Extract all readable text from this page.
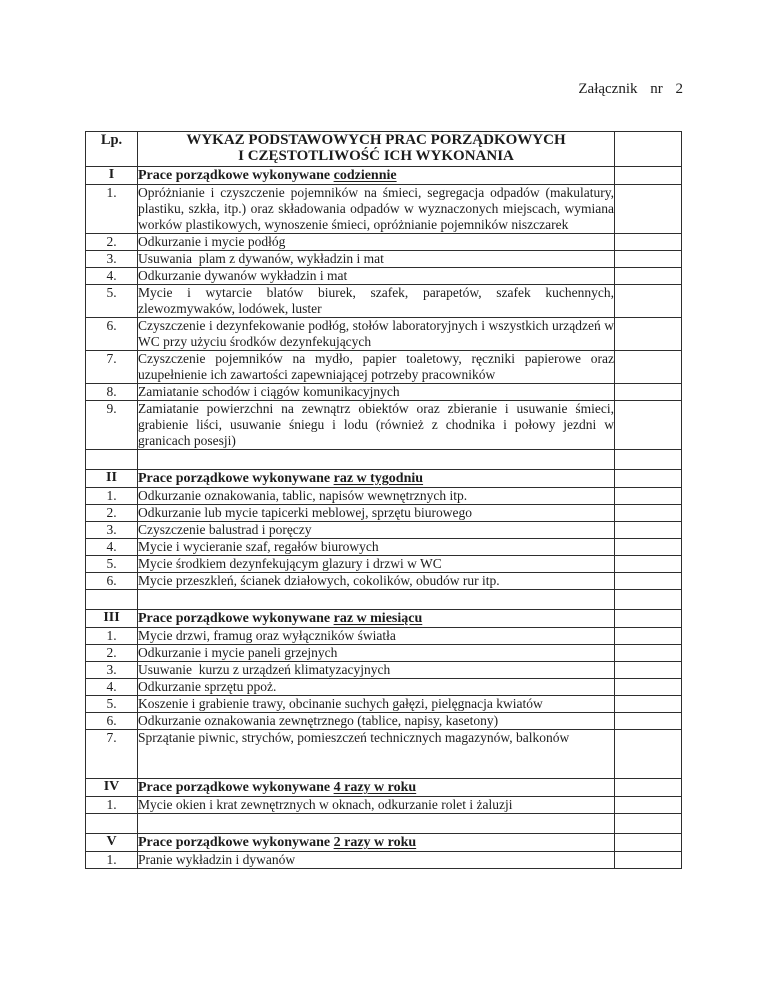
Załącznik nr 2
Lp.	WYKAZ PODSTAWOWYCH PRAC PORZĄDKOWYCH
I CZĘSTOTLIWOŚĆ ICH WYKONANIA	

I	Prace porządkowe wykonywane codziennie	
1.	Opróżnianie i czyszczenie pojemników na śmieci, segregacja odpadów (makulatury, plastiku, szkła, itp.) oraz składowania odpadów w wyznaczonych miejscach, wymiana worków plastikowych, wynoszenie śmieci, opróżnianie pojemników niszczarek	
2.	Odkurzanie i mycie podłóg	
3.	Usuwania  plam z dywanów, wykładzin i mat	
4.	Odkurzanie dywanów wykładzin i mat	
5.	Mycie i wytarcie blatów biurek, szafek, parapetów, szafek kuchennych, zlewozmywaków, lodówek, luster	
6.	Czyszczenie i dezynfekowanie podłóg, stołów laboratoryjnych i wszystkich urządzeń w WC przy użyciu środków dezynfekujących	
7.	Czyszczenie pojemników na mydło, papier toaletowy, ręczniki papierowe oraz uzupełnienie ich zawartości zapewniającej potrzeby pracowników	
8.	Zamiatanie schodów i ciągów komunikacyjnych	
9.	Zamiatanie powierzchni na zewnątrz obiektów oraz zbieranie i usuwanie śmieci, grabienie liści, usuwanie śniegu i lodu (również z chodnika i połowy jezdni w granicach posesji)	

II	Prace porządkowe wykonywane raz w tygodniu	
1.	Odkurzanie oznakowania, tablic, napisów wewnętrznych itp.	
2.	Odkurzanie lub mycie tapicerki meblowej, sprzętu biurowego	
3.	Czyszczenie balustrad i poręczy	
4.	Mycie i wycieranie szaf, regałów biurowych	
5.	Mycie środkiem dezynfekującym glazury i drzwi w WC	
6.	Mycie przeszkleń, ścianek działowych, cokolików, obudów rur itp.	

III	Prace porządkowe wykonywane raz w miesiącu	
1.	Mycie drzwi, framug oraz wyłączników światła	
2.	Odkurzanie i mycie paneli grzejnych	
3.	Usuwanie  kurzu z urządzeń klimatyzacyjnych	
4.	Odkurzanie sprzętu ppoż.	
5.	Koszenie i grabienie trawy, obcinanie suchych gałęzi, pielęgnacja kwiatów	
6.	Odkurzanie oznakowania zewnętrznego (tablice, napisy, kasetony)	
7.	Sprzątanie piwnic, strychów, pomieszczeń technicznych magazynów, balkonów	
IV	Prace porządkowe wykonywane 4 razy w roku	
1.	Mycie okien i krat zewnętrznych w oknach, odkurzanie rolet i żaluzji	

V	Prace porządkowe wykonywane 2 razy w roku	
1.	Pranie wykładzin i dywanów	
